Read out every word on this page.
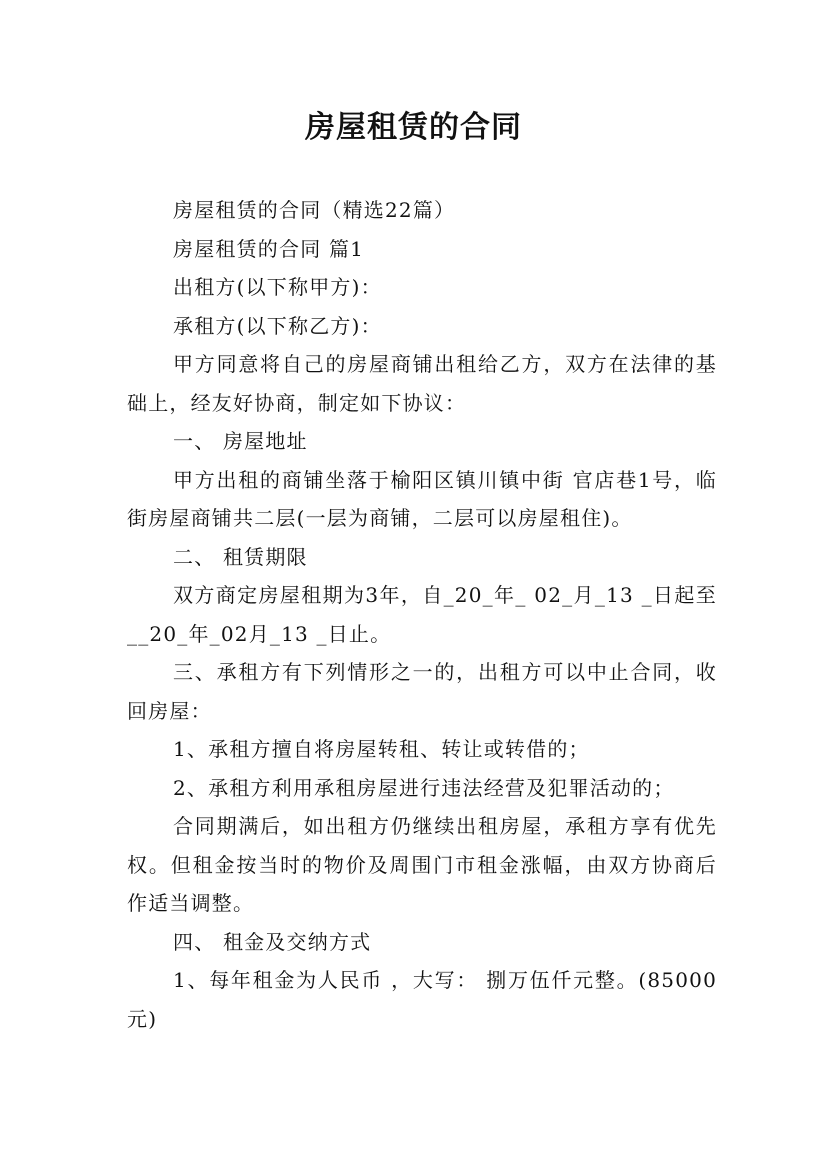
房屋租赁的合同

房屋租赁的合同（精选22篇）

房屋租赁的合同 篇1

出租方(以下称甲方)：

承租方(以下称乙方)：

甲方同意将自己的房屋商铺出租给乙方，双方在法律的基础上，经友好协商，制定如下协议：

一、 房屋地址

甲方出租的商铺坐落于榆阳区镇川镇中街 官店巷1号，临街房屋商铺共二层(一层为商铺，二层可以房屋租住)。

二、 租赁期限

双方商定房屋租期为3年，自_20_年_ 02_月_13 _日起至__20_年_02月_13 _日止。

三、承租方有下列情形之一的，出租方可以中止合同，收回房屋：

1、承租方擅自将房屋转租、转让或转借的；

2、承租方利用承租房屋进行违法经营及犯罪活动的；

合同期满后，如出租方仍继续出租房屋，承租方享有优先权。但租金按当时的物价及周围门市租金涨幅，由双方协商后作适当调整。

四、 租金及交纳方式

1、每年租金为人民币 ，大写： 捌万伍仟元整。(85000元)
